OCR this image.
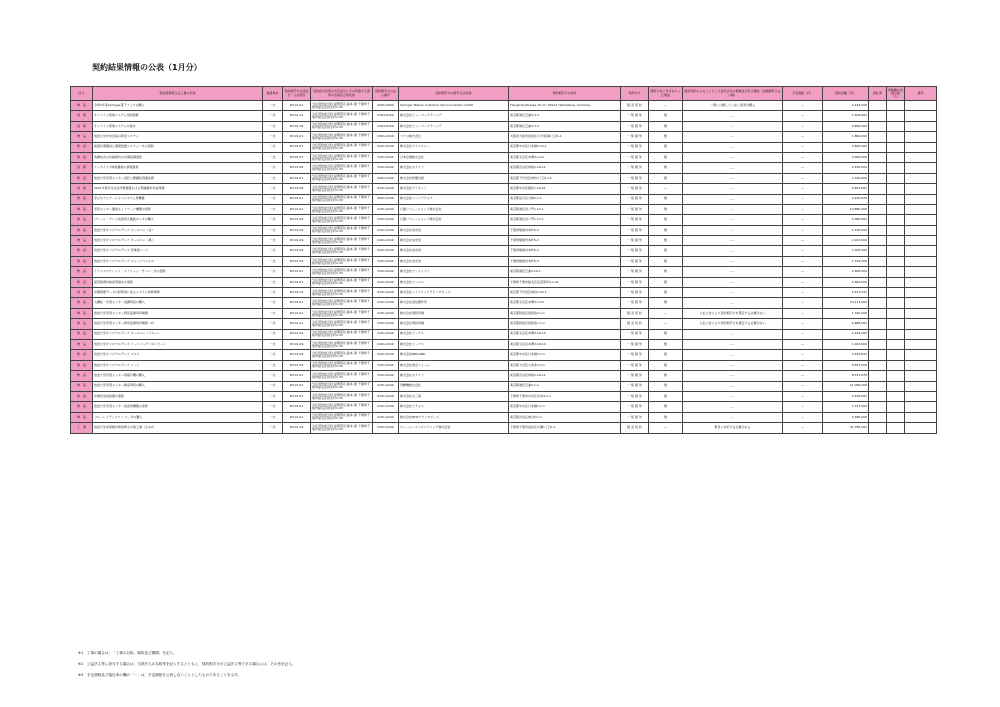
契約結果情報の公表（1月分）
区分	物品役務等又は工事の名称	数量単位	契約相手方の決定日・入札期日	契約担当官等の氏名並びにその所属する部局の名称及び所在地	契約相手方の法人番号	契約相手方の商号又は名称	契約相手方の住所	契約方式	競争入札に付さなかった理由	随意契約によることとした会計法令の根拠条文及び理由（企画競争又は公募）	予定価格（円）	契約金額（円）	落札率	再就職の役員の数（人）	備考
物　品	令和2年度Springer電子ブックの購入	一式	R3.01.01	分任契約担当役 経理部長 藤本 徹 千葉県千葉市稲毛区弥生町1-33	0405-0000	Springer Nature Customer Service Center GmbH	Tiergartenstrasse 15-17, 69121 Heidelberg, Germany	随 意 契 約	―	一般に公開していない図書の購入	―	2,233,000			
役　務	オンライン授業システム用回線費	一式	R3.01.12	分任契約担当役 経理部長 藤本 徹 千葉県千葉市稲毛区弥生町1-33	0104-0100	株式会社ビューマーケティング	東京都港区芝浦3-3-3	一 般 競 争	無	―	―	1,509,600			
役　務	オンライン授業システムの保守	一式	R3.01.19	分任契約担当役 経理部長 藤本 徹 千葉県千葉市稲毛区弥生町1-33	0104-0100	株式会社ビューマーケティング	東京都港区芝浦3-3-3	一 般 競 争	無	―	―	9,899,000			
物　品	放送大学中央会室の防災システム	一式	R3.01.01	分任契約担当役 経理部長 藤本 徹 千葉県千葉市稲毛区弥生町1-33	0301-0100	コクヨ株式会社	大阪府大阪市東成区大今里南6丁目1-1	一 般 競 争	無	―	―	1,860,000			
物　品	地震計測器具と通報装置システム一式の更新	一式	R3.01.01	分任契約担当役 経理部長 藤本 徹 千葉県千葉市稲毛区弥生町1-33	0101-0100	株式会社アイエスシー	東京都中央区日本橋1-15-1	一 般 競 争	無	―	―	3,665,000			
物　品	各種校舎の計画資料の空調設備更新	一式	R3.01.01	分任契約担当役 経理部長 藤本 徹 千葉県千葉市稲毛区弥生町1-33	0101-0100	日本空調株式会社	東京都文京区本郷3-1-13	一 般 競 争	無	―	―	4,000,000			
役　務	アーカイブズ映像番組の情報提供	一式	R3.01.09	分任契約担当役 経理部長 藤本 徹 千葉県千葉市稲毛区弥生町1-33	0101-0100	株式会社ネクスト	東京都渋谷区神南1-19-11	一 般 競 争	無	―	―	2,535,000			
物　品	放送大学学習センター受託公開講座用備品費	一式	R3.01.01	分任契約担当役 経理部長 藤本 徹 千葉県千葉市稲毛区弥生町1-33	0302-0100	株式会社新聞出版	東京都千代田区神田1丁目1-13	一 般 競 争	無	―	―	1,320,000			
役　務	2021年度学生生活実態調査および関連資料作成業務	一式	R3.01.08	分任契約担当役 経理部長 藤本 徹 千葉県千葉市稲毛区弥生町1-33	0101-0100	株式会社アイネット	東京都中央区銀座7-10-21	一 般 競 争	―	―	―	4,853,000			
物　品	学びのナビゲーションシステム用機器	一式	R3.01.01	分任契約担当役 経理部長 藤本 徹 千葉県千葉市稲毛区弥生町1-33	0501-0100	株式会社ハーフアクセス	東京都品川区大崎2-1-1	一 般 競 争	無	―	―	4,150,676			
物　品	学習センター通信ネットワーク機器の更新	一式	R3.01.01	分任契約担当役 経理部長 藤本 徹 千葉県千葉市稲毛区弥生町1-33	0101-0100	日通ソリューションズ株式会社	東京都港区虎ノ門1-17-1	一 般 競 争	無	―	―	14,880,000			
物　品	ブレーン・テレビ放送用大画面モニタの購入	一式	R3.01.09	分任契約担当役 経理部長 藤本 徹 千葉県千葉市稲毛区弥生町1-33	0101-0100	日通ソリューションズ株式会社	東京都港区虎ノ門1-17-1	一 般 競 争	無	―	―	5,060,000			
物　品	放送大学オリジナルグッズ ボールペン（白）	一式	R3.01.09	分任契約担当役 経理部長 藤本 徹 千葉県千葉市稲毛区弥生町1-33	0101-0100	株式会社栄光堂	千葉県船橋市本町5-2	一 般 競 争	無	―	―	1,155,000			
物　品	放送大学オリジナルグッズ ボールペン（黒）	一式	R3.01.09	分任契約担当役 経理部長 藤本 徹 千葉県千葉市稲毛区弥生町1-33	0101-0100	株式会社栄光堂	千葉県船橋市本町5-2	一 般 競 争	無	―	―	2,017,000			
物　品	放送大学オリジナルグッズ 英単語ノート	一式	R3.01.09	分任契約担当役 経理部長 藤本 徹 千葉県千葉市稲毛区弥生町1-33	0101-0100	株式会社栄光堂	千葉県船橋市本町5-2	一 般 競 争	無	―	―	1,003,200			
物　品	放送大学オリジナルグッズ シャープペンシル	一式	R3.01.09	分任契約担当役 経理部長 藤本 徹 千葉県千葉市稲毛区弥生町1-33	0101-0100	株式会社栄光堂	千葉県船橋市本町5-2	一 般 競 争	無	―	―	1,729,200			
物　品	トランスペアレント・ストリーム・サーバ一式の更新	一式	R3.01.01	分任契約担当役 経理部長 藤本 徹 千葉県千葉市稲毛区弥生町1-33	0101-0100	株式会社ティエムアイ	東京都港区芝浦3-19-1	一 般 競 争	無	―	―	2,805,000			
物　品	図書館資料検索用端末の更新	一式	R3.01.01	分任契約担当役 経理部長 藤本 徹 千葉県千葉市稲毛区弥生町1-33	0101-0100	株式会社シーエス	千葉県千葉市稲毛区長沼原町3-1-21	一 般 競 争	無	―	―	1,862,000			
役　務	学籍管理データの移管等に係るシステム改修業務	一式	R3.01.12	分任契約担当役 経理部長 藤本 徹 千葉県千葉市稲毛区弥生町1-33	0101-0100	株式会社ハイブリッドテクノロジーズ	東京都千代田区神田2-22-1	一 般 競 争	無	―	―	1,677,515			
物　品	入構証・学習センター受講用具の購入	一式	R3.01.01	分任契約担当役 経理部長 藤本 徹 千葉県千葉市稲毛区弥生町1-33	0101-0100	株式会社高信製作所	東京都文京区本郷3-1-13	一 般 競 争	無	―	―	23,113,000			
物　品	放送大学学習センター研究指導用印刷費	一式	R3.01.01	分任契約担当役 経理部長 藤本 徹 千葉県千葉市稲毛区弥生町1-33	0101-0100	株式会社明和印刷	東京都新宿区西新宿7-1-1	随 意 契 約	―	入札公告により契約相手方を選定する必要がない	―	1,340,000			
物　品	放送大学学習センター研究指導用印刷費（2）	一式	R3.01.21	分任契約担当役 経理部長 藤本 徹 千葉県千葉市稲毛区弥生町1-33	0101-0100	株式会社明和印刷	東京都新宿区西新宿7-1-1	随 意 契 約	―	入札公告により契約相手方を選定する必要がない	―	2,888,000			
物　品	放送大学オリジナルグッズ ボールペン（ブルー）	一式	R3.01.09	分任契約担当役 経理部長 藤本 徹 千葉県千葉市稲毛区弥生町1-33	0101-0100	株式会社トーアス	東京都文京区本郷3-10-10	一 般 競 争	無	―	―	2,244,000			
物　品	放送大学オリジナルグッズ トートバッグ（ネイビー）	一式	R3.01.09	分任契約担当役 経理部長 藤本 徹 千葉県千葉市稲毛区弥生町1-33	0101-0100	株式会社トーアス	東京都文京区本郷3-10-10	一 般 競 争	無	―	―	1,023,000			
物　品	放送大学オリジナルグッズ マスク	一式	R3.01.09	分任契約担当役 経理部長 藤本 徹 千葉県千葉市稲毛区弥生町1-33	0101-0100	株式会社BRILAND	東京都中央区日本橋3-1-1	一 般 競 争	無	―	―	2,293,820			
物　品	放送大学オリジナルグッズ ノート	一式	R3.01.09	分任契約担当役 経理部長 藤本 徹 千葉県千葉市稲毛区弥生町1-33	0101-0100	株式会社東京フォーム	東京都大田区大森北3-1-1	一 般 競 争	無	―	―	6,557,029			
物　品	放送大学学習センター用複写機の購入	一式	R3.01.01	分任契約担当役 経理部長 藤本 徹 千葉県千葉市稲毛区弥生町1-33	0101-0100	株式会社ネクスト	東京都渋谷区神南1-19-11	一 般 競 争	無	―	―	8,547,678			
物　品	放送大学学習センター教室用机の購入	一式	R3.01.01	分任契約担当役 経理部長 藤本 徹 千葉県千葉市稲毛区弥生町1-33	0101-0100	寿精機株式会社	東京都港区芝浦3-1-1	一 般 競 争	無	―	―	11,069,200			
物　品	中継局受信装置の更新	一式	R3.01.01	分任契約担当役 経理部長 藤本 徹 千葉県千葉市稲毛区弥生町1-33	0101-0100	株式会社丸三電	千葉県千葉市中央区中央3-1-1	一 般 競 争	無	―	―	4,158,000			
物　品	放送大学学習センター放送用機器の更新	一式	R3.01.01	分任契約担当役 経理部長 藤本 徹 千葉県千葉市稲毛区弥生町1-33	0101-0100	株式会社アクセス	東京都中央区日本橋1-1-1	一 般 競 争	無	―	―	1,727,000			
物　品	ブルーレイディスク レコーダの購入	一式	R3.01.01	分任契約担当役 経理部長 藤本 徹 千葉県千葉市稲毛区弥生町1-33	0101-0100	株式会社NHKテクノロジーズ	東京都渋谷区神山町1-1	一 般 競 争	無	―	―	3,385,000			
工　事	放送大学本部棟外壁改修その他工事（その2）	一式	R3.01.19	分任契約担当役 経理部長 藤本 徹 千葉県千葉市稲毛区弥生町1-33	0101-0100	ジェーシーエンジニアリング株式会社	千葉県千葉市美浜区中瀬1丁目1-1	随 意 契 約	―	緊急に対応する必要がある	―	31,785,000			
※1　工事の場合は、「工事の名称、場所及び期間」を記入。
※2　公益法人等に該当する場合は、当該法人の名称等を記入するとともに、契約相手方が公益法人等である場合には、その旨を記入。
※3　予定価格及び落札率の欄の「－」は、予定価格を公表しないこととしたものであることを示す。
